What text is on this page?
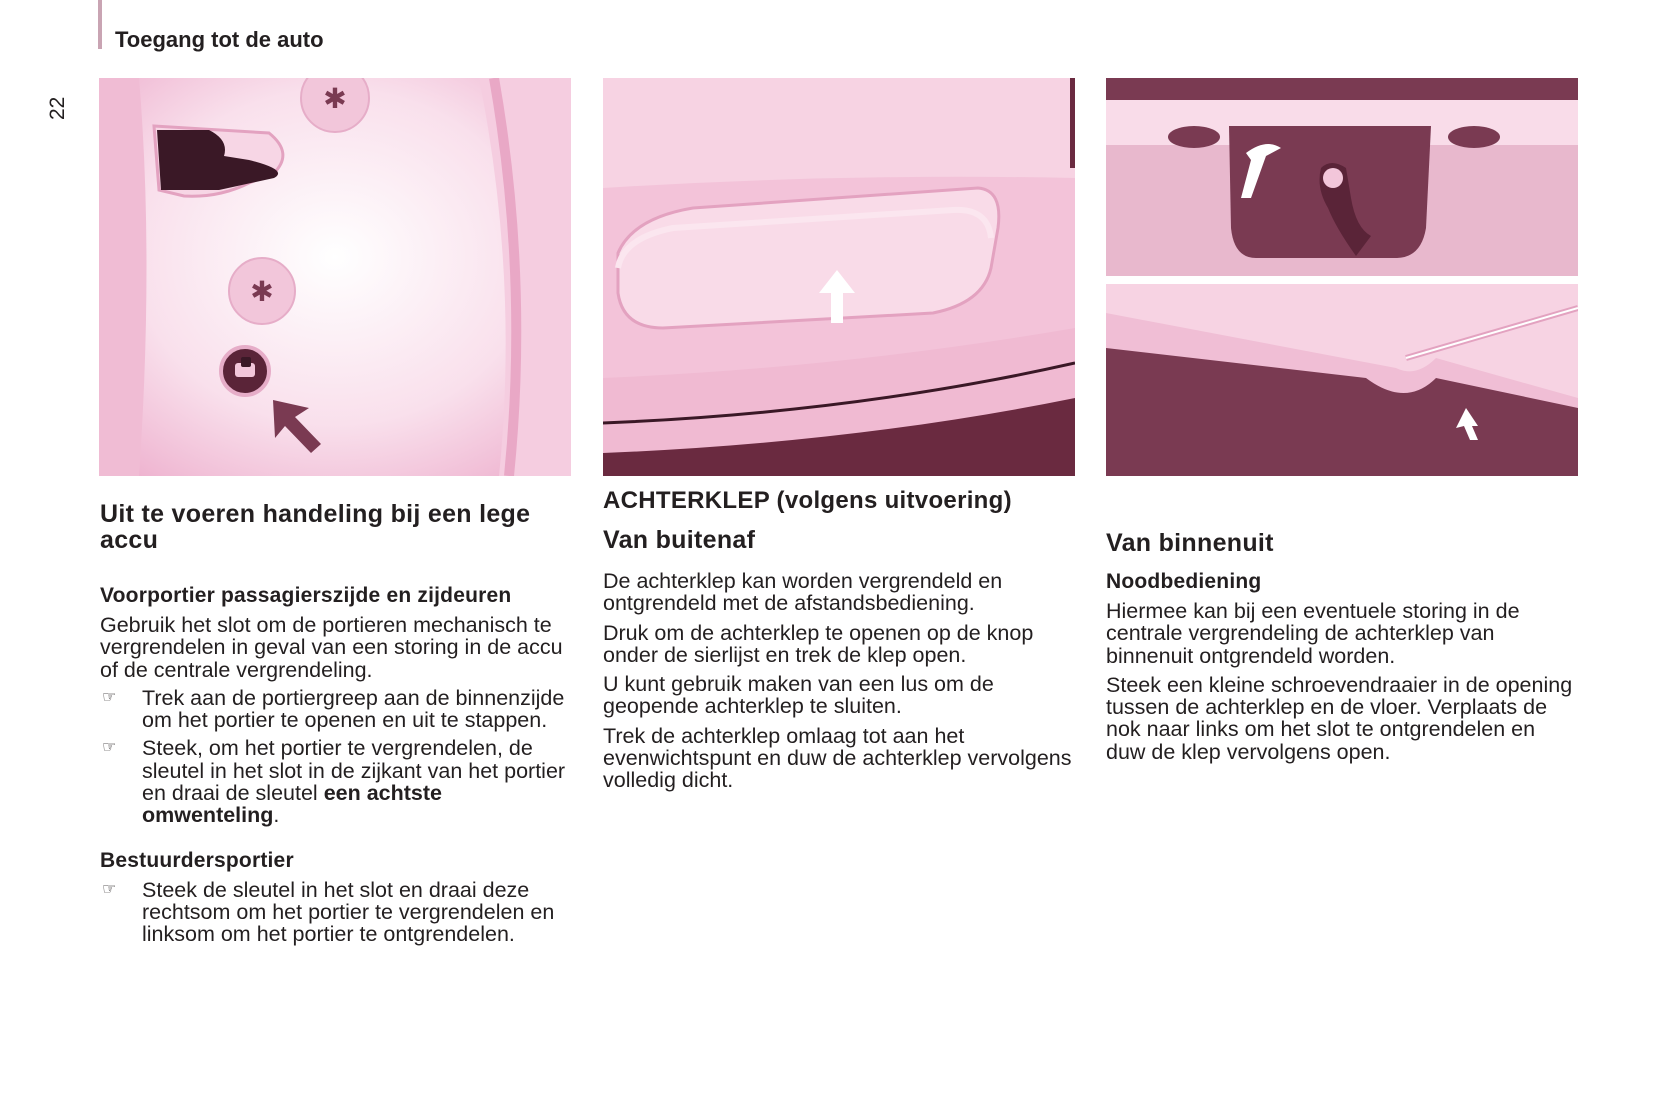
Toegang tot de auto
22	✱
✱
Uit te voeren handeling bij een lege accu
Voorportier passagierszijde en zijdeuren

Gebruik het slot om de portieren mechanisch te vergrendelen in geval van een storing in de accu of de centrale vergrendeling.

☞ Trek aan de portiergreep aan de binnenzijde om het portier te openen en uit te stappen.
☞ Steek, om het portier te vergrendelen, de sleutel in het slot in de zijkant van het portier en draai de sleutel een achtste omwenteling.
Bestuurdersportier
☞ Steek de sleutel in het slot en draai deze rechtsom om het portier te vergrendelen en linksom om het portier te ontgrendelen.
ACHTERKLEP (volgens uitvoering)
Van buitenaf

De achterklep kan worden vergrendeld en ontgrendeld met de afstandsbediening.

Druk om de achterklep te openen op de knop onder de sierlijst en trek de klep open.

U kunt gebruik maken van een lus om de geopende achterklep te sluiten.

Trek de achterklep omlaag tot aan het evenwichtspunt en duw de achterklep vervolgens volledig dicht.

Van binnenuit
Noodbediening

Hiermee kan bij een eventuele storing in de centrale vergrendeling de achterklep van binnenuit ontgrendeld worden.

Steek een kleine schroevendraaier in de opening tussen de achterklep en de vloer. Verplaats de nok naar links om het slot te ontgrendelen en duw de klep vervolgens open.
